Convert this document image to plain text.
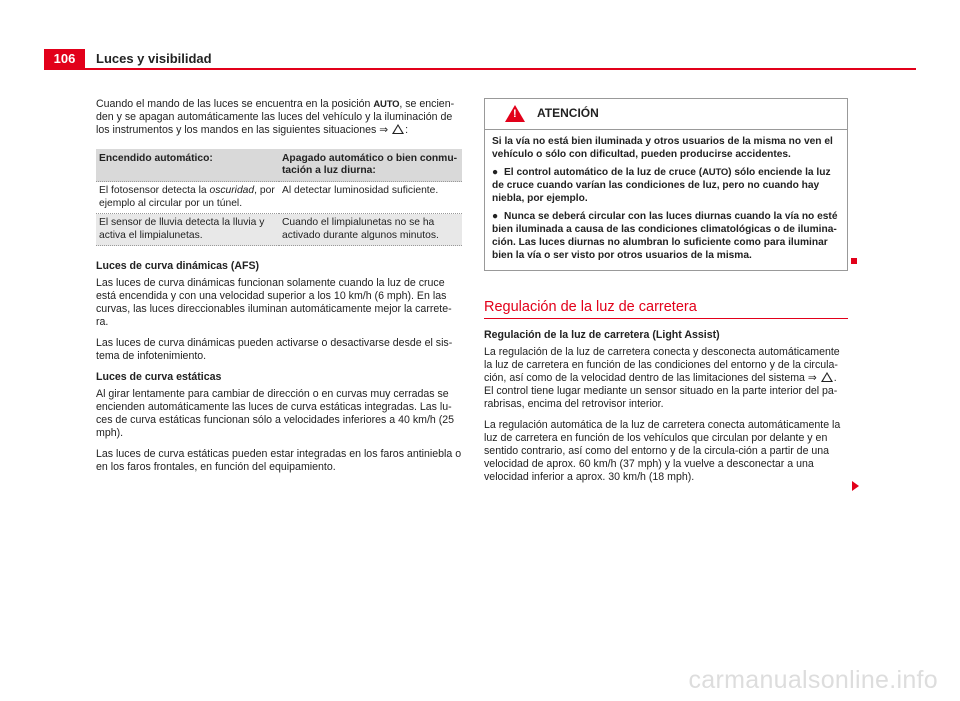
106	Luces y visibilidad

Cuando el mando de las luces se encuentra en la posición AUTO, se encien-den y se apagan automáticamente las luces del vehículo y la iluminación de los instrumentos y los mandos en las siguientes situaciones ⇒ :

Encendido automático:	Apagado automático o bien conmu-tación a luz diurna:
El fotosensor detecta la oscuridad, por ejemplo al circular por un túnel.	Al detectar luminosidad suficiente.
El sensor de lluvia detecta la lluvia y activa el limpialunetas.	Cuando el limpialunetas no se ha activado durante algunos minutos.

Luces de curva dinámicas (AFS)

Las luces de curva dinámicas funcionan solamente cuando la luz de cruce está encendida y con una velocidad superior a los 10 km/h (6 mph). En las curvas, las luces direccionables iluminan automáticamente mejor la carrete-ra.

Las luces de curva dinámicas pueden activarse o desactivarse desde el sis-tema de infotenimiento.

Luces de curva estáticas

Al girar lentamente para cambiar de dirección o en curvas muy cerradas se encienden automáticamente las luces de curva estáticas integradas. Las lu-ces de curva estáticas funcionan sólo a velocidades inferiores a 40 km/h (25 mph).

Las luces de curva estáticas pueden estar integradas en los faros antiniebla o en los faros frontales, en función del equipamiento.

! ATENCIÓN

Si la vía no está bien iluminada y otros usuarios de la misma no ven el vehículo o sólo con dificultad, pueden producirse accidentes.

● El control automático de la luz de cruce (AUTO) sólo enciende la luz de cruce cuando varían las condiciones de luz, pero no cuando hay niebla, por ejemplo.

● Nunca se deberá circular con las luces diurnas cuando la vía no esté bien iluminada a causa de las condiciones climatológicas o de ilumina-ción. Las luces diurnas no alumbran lo suficiente como para iluminar bien la vía o ser visto por otros usuarios de la misma.

Regulación de la luz de carretera

Regulación de la luz de carretera (Light Assist)

La regulación de la luz de carretera conecta y desconecta automáticamente la luz de carretera en función de las condiciones del entorno y de la circula-ción, así como de la velocidad dentro de las limitaciones del sistema ⇒ . El control tiene lugar mediante un sensor situado en la parte interior del pa-rabrisas, encima del retrovisor interior.

La regulación automática de la luz de carretera conecta automáticamente la luz de carretera en función de los vehículos que circulan por delante y en sentido contrario, así como del entorno y de la circula-ción a partir de una velocidad de aprox. 60 km/h (37 mph) y la vuelve a desconectar a una velocidad inferior a aprox. 30 km/h (18 mph).

carmanualsonline.info
